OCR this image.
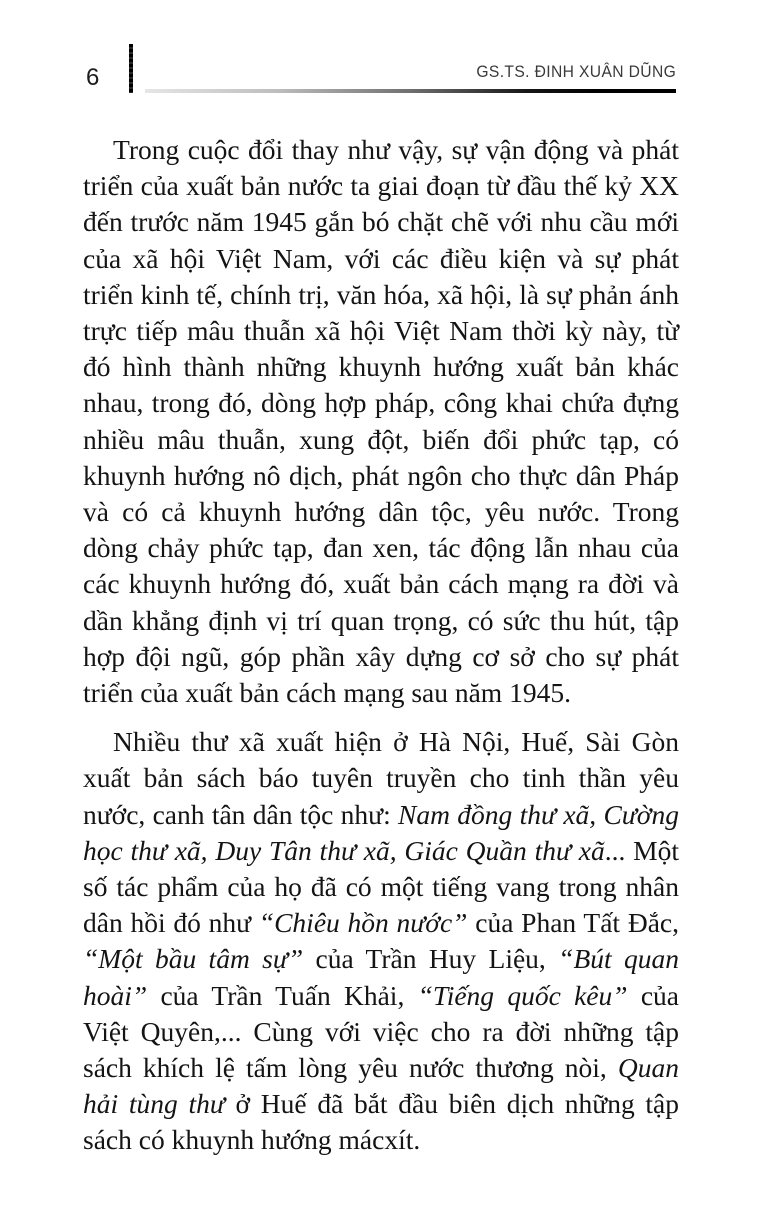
6	GS.TS. ĐINH XUÂN DŨNG

Trong cuộc đổi thay như vậy, sự vận động và phát triển của xuất bản nước ta giai đoạn từ đầu thế kỷ XX đến trước năm 1945 gắn bó chặt chẽ với nhu cầu mới của xã hội Việt Nam, với các điều kiện và sự phát triển kinh tế, chính trị, văn hóa, xã hội, là sự phản ánh trực tiếp mâu thuẫn xã hội Việt Nam thời kỳ này, từ đó hình thành những khuynh hướng xuất bản khác nhau, trong đó, dòng hợp pháp, công khai chứa đựng nhiều mâu thuẫn, xung đột, biến đổi phức tạp, có khuynh hướng nô dịch, phát ngôn cho thực dân Pháp và có cả khuynh hướng dân tộc, yêu nước. Trong dòng chảy phức tạp, đan xen, tác động lẫn nhau của các khuynh hướng đó, xuất bản cách mạng ra đời và dần khẳng định vị trí quan trọng, có sức thu hút, tập hợp đội ngũ, góp phần xây dựng cơ sở cho sự phát triển của xuất bản cách mạng sau năm 1945.

Nhiều thư xã xuất hiện ở Hà Nội, Huế, Sài Gòn xuất bản sách báo tuyên truyền cho tinh thần yêu nước, canh tân dân tộc như: Nam đồng thư xã, Cường học thư xã, Duy Tân thư xã, Giác Quần thư xã... Một số tác phẩm của họ đã có một tiếng vang trong nhân dân hồi đó như “Chiêu hồn nước” của Phan Tất Đắc, “Một bầu tâm sự” của Trần Huy Liệu, “Bút quan hoài” của Trần Tuấn Khải, “Tiếng quốc kêu” của Việt Quyên,... Cùng với việc cho ra đời những tập sách khích lệ tấm lòng yêu nước thương nòi, Quan hải tùng thư ở Huế đã bắt đầu biên dịch những tập sách có khuynh hướng mácxít.
